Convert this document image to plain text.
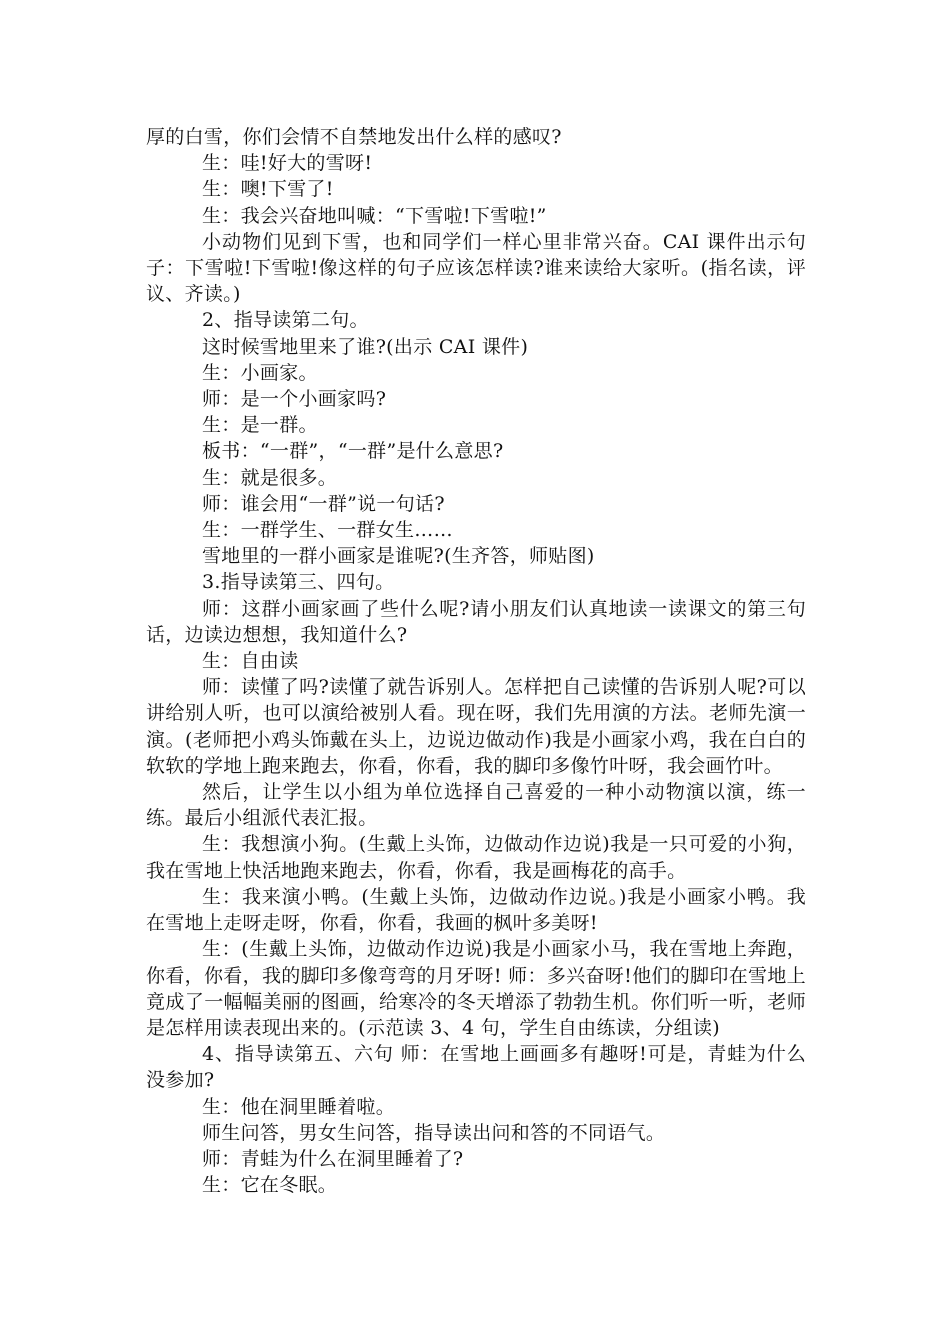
厚的白雪，你们会情不自禁地发出什么样的感叹?

生：哇!好大的雪呀!

生：噢!下雪了!

生：我会兴奋地叫喊：“下雪啦!下雪啦!”

小动物们见到下雪，也和同学们一样心里非常兴奋。CAI 课件出示句子：下雪啦!下雪啦!像这样的句子应该怎样读?谁来读给大家听。(指名读，评议、齐读。)

2、指导读第二句。

这时候雪地里来了谁?(出示 CAI 课件)

生：小画家。

师：是一个小画家吗?

生：是一群。

板书：“一群”，“一群”是什么意思?

生：就是很多。

师：谁会用“一群”说一句话?

生：一群学生、一群女生……

雪地里的一群小画家是谁呢?(生齐答，师贴图)

3.指导读第三、四句。

师：这群小画家画了些什么呢?请小朋友们认真地读一读课文的第三句话，边读边想想，我知道什么?

生：自由读

师：读懂了吗?读懂了就告诉别人。怎样把自己读懂的告诉别人呢?可以讲给别人听，也可以演给被别人看。现在呀，我们先用演的方法。老师先演一演。(老师把小鸡头饰戴在头上，边说边做动作)我是小画家小鸡，我在白白的软软的学地上跑来跑去，你看，你看，我的脚印多像竹叶呀，我会画竹叶。

然后，让学生以小组为单位选择自己喜爱的一种小动物演以演，练一练。最后小组派代表汇报。

生：我想演小狗。(生戴上头饰，边做动作边说)我是一只可爱的小狗，我在雪地上快活地跑来跑去，你看，你看，我是画梅花的高手。

生：我来演小鸭。(生戴上头饰，边做动作边说。)我是小画家小鸭。我在雪地上走呀走呀，你看，你看，我画的枫叶多美呀!

生：(生戴上头饰，边做动作边说)我是小画家小马，我在雪地上奔跑，你看，你看，我的脚印多像弯弯的月牙呀! 师：多兴奋呀!他们的脚印在雪地上竟成了一幅幅美丽的图画，给寒冷的冬天增添了勃勃生机。你们听一听，老师是怎样用读表现出来的。(示范读 3、4 句，学生自由练读，分组读)

4、指导读第五、六句 师：在雪地上画画多有趣呀!可是，青蛙为什么没参加?

生：他在洞里睡着啦。

师生问答，男女生问答，指导读出问和答的不同语气。

师：青蛙为什么在洞里睡着了?

生：它在冬眠。
